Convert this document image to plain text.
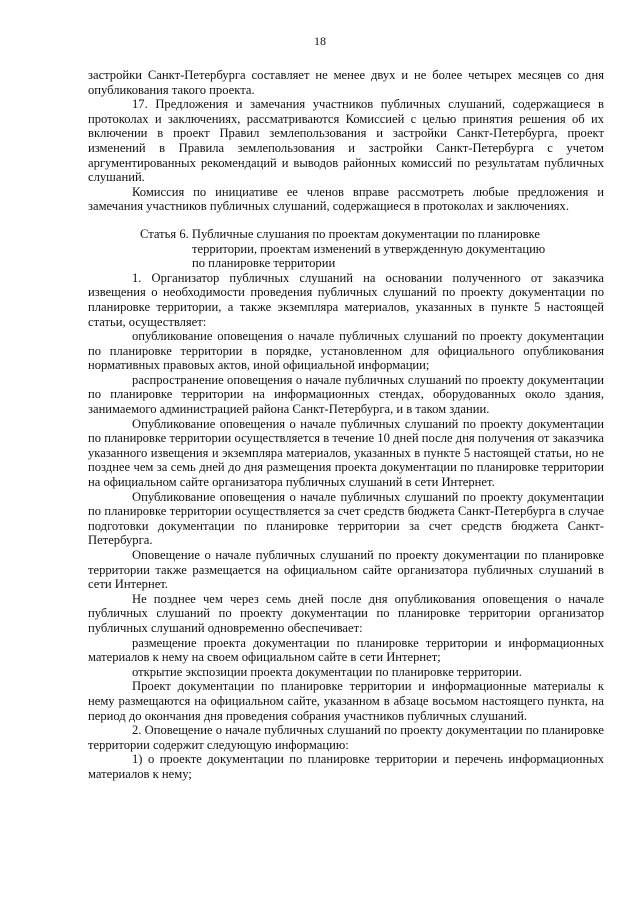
18

застройки Санкт-Петербурга составляет не менее двух и не более четырех месяцев со дня опубликования такого проекта.

17. Предложения и замечания участников публичных слушаний, содержащиеся в протоколах и заключениях, рассматриваются Комиссией с целью принятия решения об их включении в проект Правил землепользования и застройки Санкт-Петербурга, проект изменений в Правила землепользования и застройки Санкт-Петербурга с учетом аргументированных рекомендаций и выводов районных комиссий по результатам публичных слушаний.

Комиссия по инициативе ее членов вправе рассмотреть любые предложения и замечания участников публичных слушаний, содержащиеся в протоколах и заключениях.

Статья 6. Публичные слушания по проектам документации по планировке
территории, проектам изменений в утвержденную документацию
по планировке территории

1. Организатор публичных слушаний на основании полученного от заказчика извещения о необходимости проведения публичных слушаний по проекту документации по планировке территории, а также экземпляра материалов, указанных в пункте 5 настоящей статьи, осуществляет:

опубликование оповещения о начале публичных слушаний по проекту документации по планировке территории в порядке, установленном для официального опубликования нормативных правовых актов, иной официальной информации;

распространение оповещения о начале публичных слушаний по проекту документации по планировке территории на информационных стендах, оборудованных около здания, занимаемого администрацией района Санкт-Петербурга, и в таком здании.

Опубликование оповещения о начале публичных слушаний по проекту документации по планировке территории осуществляется в течение 10 дней после дня получения от заказчика указанного извещения и экземпляра материалов, указанных в пункте 5 настоящей статьи, но не позднее чем за семь дней до дня размещения проекта документации по планировке территории на официальном сайте организатора публичных слушаний в сети Интернет.

Опубликование оповещения о начале публичных слушаний по проекту документации по планировке территории осуществляется за счет средств бюджета Санкт-Петербурга в случае подготовки документации по планировке территории за счет средств бюджета Санкт-Петербурга.

Оповещение о начале публичных слушаний по проекту документации по планировке территории также размещается на официальном сайте организатора публичных слушаний в сети Интернет.

Не позднее чем через семь дней после дня опубликования оповещения о начале публичных слушаний по проекту документации по планировке территории организатор публичных слушаний одновременно обеспечивает:

размещение проекта документации по планировке территории и информационных материалов к нему на своем официальном сайте в сети Интернет;

открытие экспозиции проекта документации по планировке территории.

Проект документации по планировке территории и информационные материалы к нему размещаются на официальном сайте, указанном в абзаце восьмом настоящего пункта, на период до окончания дня проведения собрания участников публичных слушаний.

2. Оповещение о начале публичных слушаний по проекту документации по планировке территории содержит следующую информацию:

1) о проекте документации по планировке территории и перечень информационных материалов к нему;
